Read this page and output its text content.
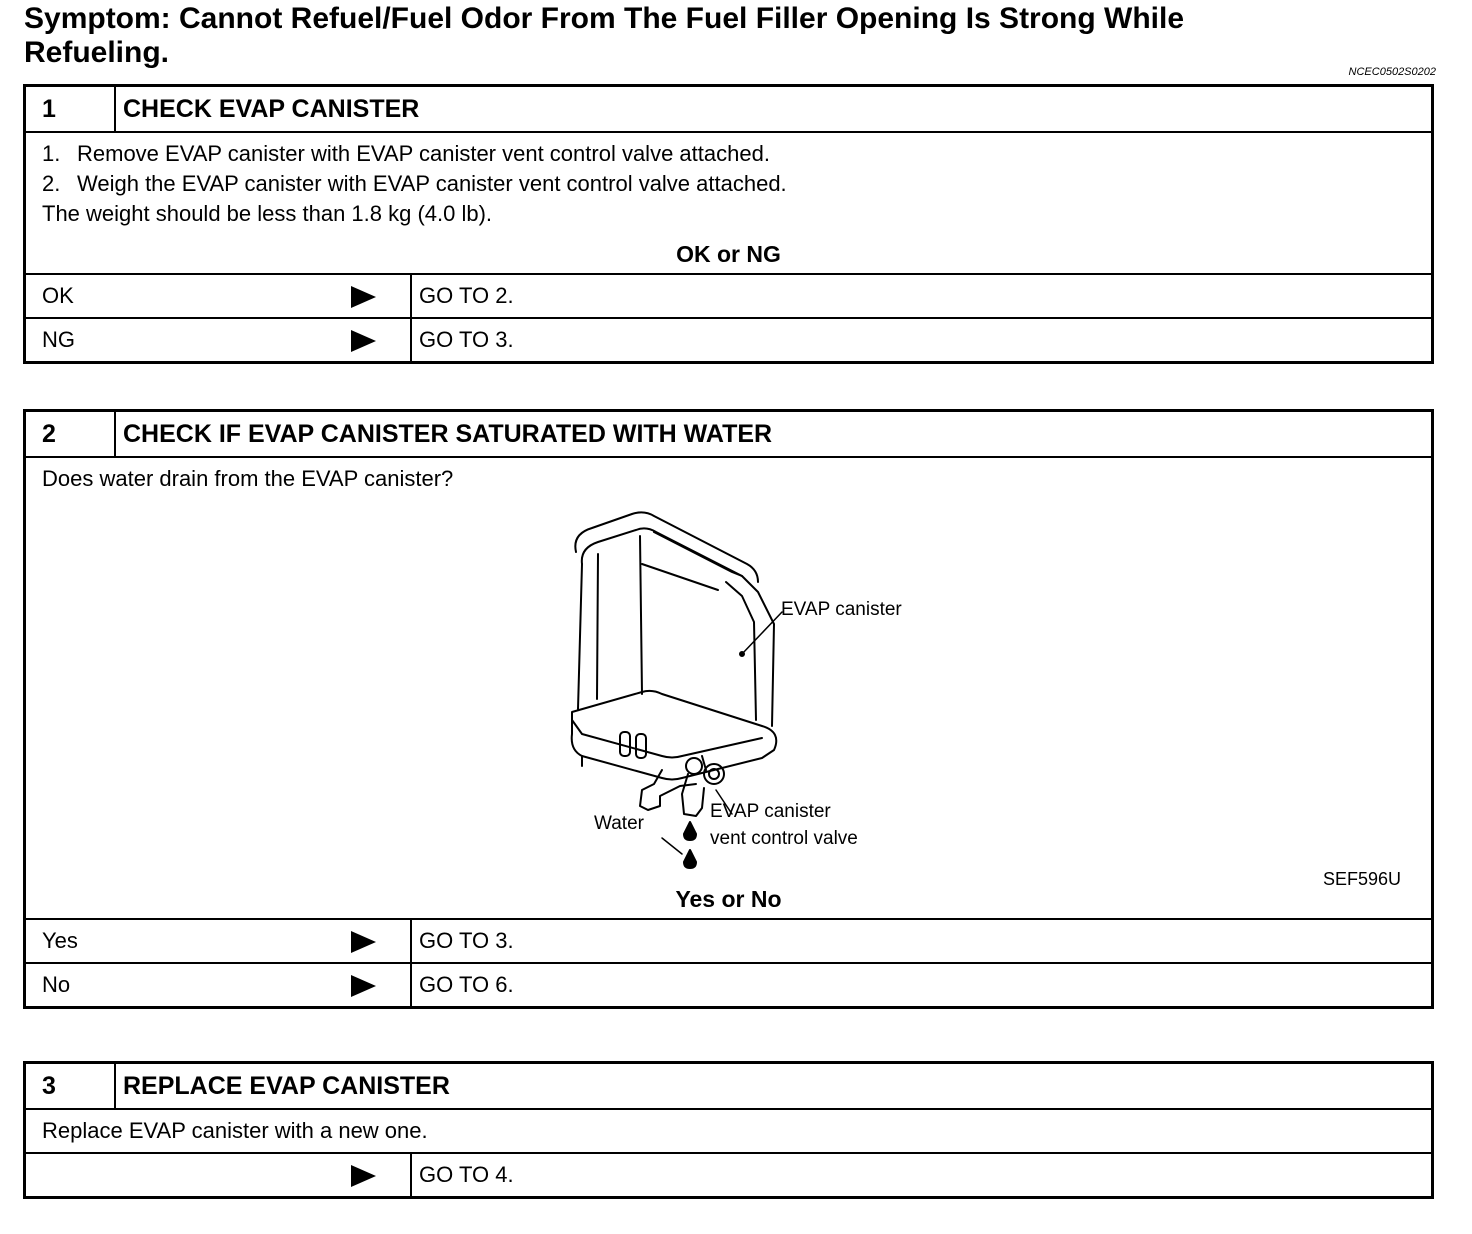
Symptom: Cannot Refuel/Fuel Odor From The Fuel Filler Opening Is Strong While Refueling.
NCEC0502S0202
1	CHECK EVAP CANISTER
1. Remove EVAP canister with EVAP canister vent control valve attached.
2. Weigh the EVAP canister with EVAP canister vent control valve attached.
The weight should be less than 1.8 kg (4.0 lb).
OK or NG
OK	GO TO 2.
NG	GO TO 3.
2	CHECK IF EVAP CANISTER SATURATED WITH WATER
Does water drain from the EVAP canister?
EVAP canister
EVAP canister
vent control valve
Water
SEF596U
Yes or No
Yes	GO TO 3.
No	GO TO 6.
3	REPLACE EVAP CANISTER
Replace EVAP canister with a new one.
GO TO 4.
